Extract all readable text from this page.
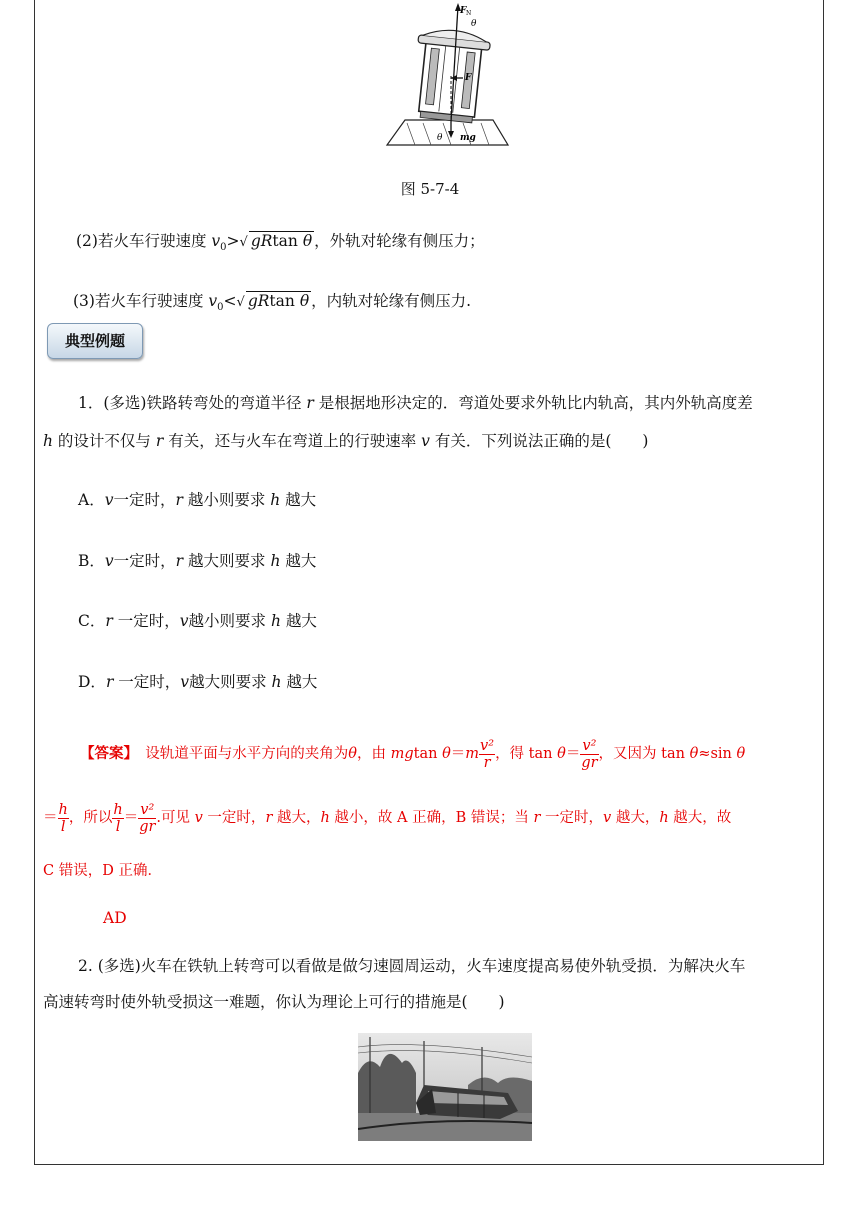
F N
θ
F
θ mg
图 5-7-4
(2)若火车行驶速度 $v_0>√$ gRtan θ ，外轨对轮缘有侧压力；
(3)若火车行驶速度 $v_0<√$ gRtan θ ，内轨对轮缘有侧压力.
典型例题
1．(多选)铁路转弯处的弯道半径 r 是根据地形决定的．弯道处要求外轨比内轨高，其内外轨高度差
h 的设计不仅与 r 有关，还与火车在弯道上的行驶速率 v 有关．下列说法正确的是(　　)
A．v一定时，r 越小则要求 h 越大
B．v一定时，r 越大则要求 h 越大
C．r 一定时，v越小则要求 h 越大
D．r 一定时，v越大则要求 h 越大
【答案】　 设轨道平面与水平方向的夹角为θ，由 mgtan $\theta=m \frac{\text{v²}}{r}$ ，得 $\tan \theta= \frac{\text{v²}}{gr}$ ，又因为 tan θ≈sin θ
＝ $\frac{h}{l}$ ，所以 $\frac{h}{l} = \frac{\text{v²}}{gr}$ .可见 v 一定时，r 越大，h 越小，故 A 正确，B 错误；当 r 一定时，v 越大，h 越大，故
C 错误，D 正确．
AD
2. (多选)火车在铁轨上转弯可以看做是做匀速圆周运动，火车速度提高易使外轨受损．为解决火车
高速转弯时使外轨受损这一难题，你认为理论上可行的措施是(　　)
